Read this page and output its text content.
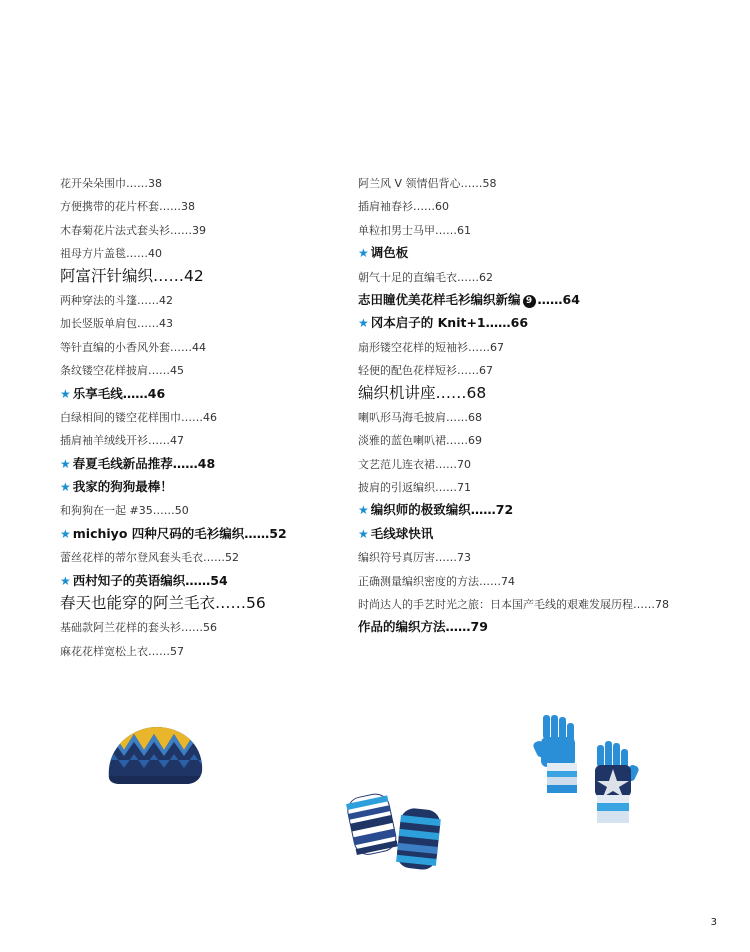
花开朵朵围巾……38
方便携带的花片杯套……38
木春菊花片法式套头衫……39
祖母方片盖毯……40
阿富汗针编织……42
两种穿法的斗篷……42
加长竖版单肩包……43
等针直编的小香风外套……44
条纹镂空花样披肩……45
★ 乐享毛线……46
白绿相间的镂空花样围巾……46
插肩袖羊绒线开衫……47
★ 春夏毛线新品推荐……48
★ 我家的狗狗最棒！
和狗狗在一起 #35……50
★ michiyo 四种尺码的毛衫编织……52
蕾丝花样的蒂尔登风套头毛衣……52
★ 西村知子的英语编织……54
春天也能穿的阿兰毛衣……56
基础款阿兰花样的套头衫……56
麻花花样宽松上衣……57
阿兰风 V 领情侣背心……58
插肩袖春衫……60
单粒扣男士马甲……61
★ 调色板
朝气十足的直编毛衣……62
志田瞳优美花样毛衫编织新编 9 ……64
★ 冈本启子的 Knit+1……66
扇形镂空花样的短袖衫……67
轻便的配色花样短衫……67
编织机讲座……68
喇叭形马海毛披肩……68
淡雅的蓝色喇叭裙……69
文艺范儿连衣裙……70
披肩的引返编织……71
★ 编织师的极致编织……72
★ 毛线球快讯
编织符号真厉害……73
正确测量编织密度的方法……74
时尚达人的手艺时光之旅：日本国产毛线的艰难发展历程……78
作品的编织方法……79
3
